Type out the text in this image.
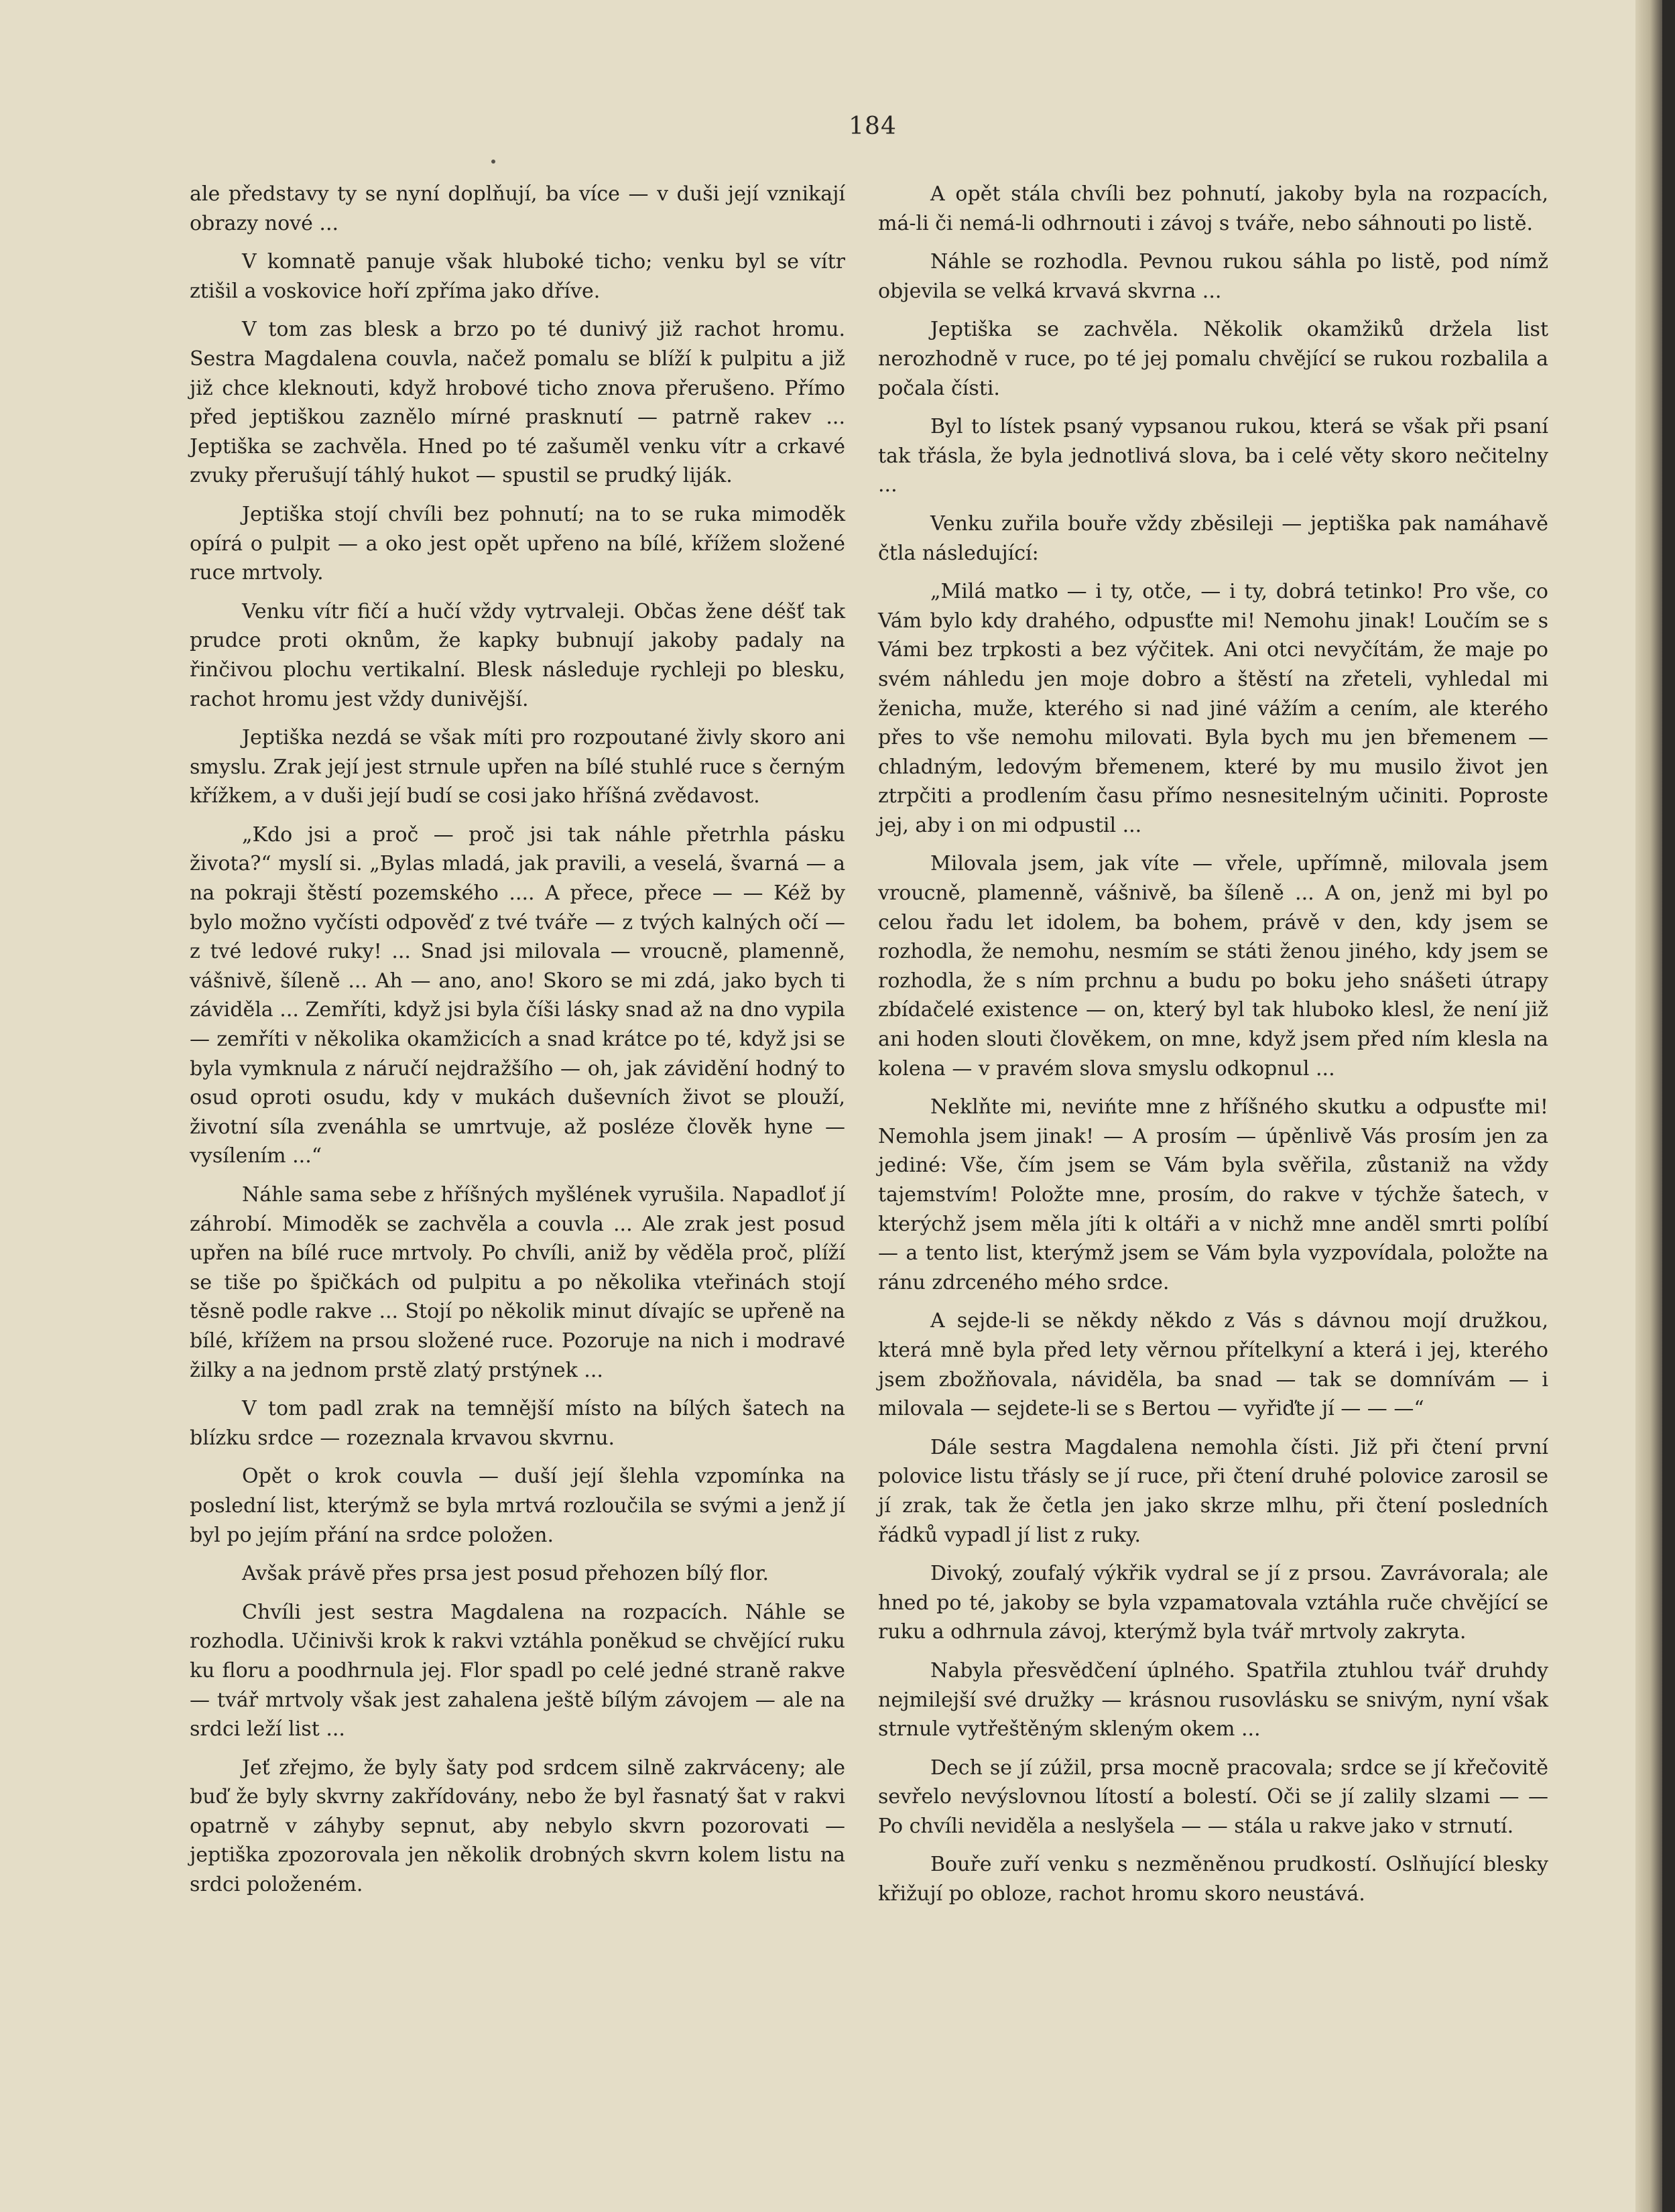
184

ale představy ty se nyní doplňují, ba více — v duši její vznikají obrazy nové ...

V komnatě panuje však hluboké ticho; venku byl se vítr ztišil a voskovice hoří zpříma jako dříve.

V tom zas blesk a brzo po té dunivý již rachot hromu. Sestra Magdalena couvla, načež pomalu se blíží k pulpitu a již již chce kleknouti, když hrobové ticho znova přerušeno. Přímo před jeptiškou zaznělo mírné prasknutí — patrně rakev ... Jeptiška se zachvěla. Hned po té zašuměl venku vítr a crkavé zvuky přerušují táhlý hukot — spustil se prudký liják.

Jeptiška stojí chvíli bez pohnutí; na to se ruka mimoděk opírá o pulpit — a oko jest opět upřeno na bílé, křížem složené ruce mrtvoly.

Venku vítr fičí a hučí vždy vytrvaleji. Občas žene déšť tak prudce proti oknům, že kapky bubnují jakoby padaly na řinčivou plochu vertikalní. Blesk následuje rychleji po blesku, rachot hromu jest vždy dunivější.

Jeptiška nezdá se však míti pro rozpoutané živly skoro ani smyslu. Zrak její jest strnule upřen na bílé stuhlé ruce s černým křížkem, a v duši její budí se cosi jako hříšná zvědavost.

„Kdo jsi a proč — proč jsi tak náhle přetrhla pásku života?“ myslí si. „Bylas mladá, jak pravili, a veselá, švarná — a na pokraji štěstí pozemského .... A přece, přece — — Kéž by bylo možno vyčísti odpověď z tvé tváře — z tvých kalných očí — z tvé ledové ruky! ... Snad jsi milovala — vroucně, plamenně, vášnivě, šíleně ... Ah — ano, ano! Skoro se mi zdá, jako bych ti záviděla ... Zemříti, když jsi byla číši lásky snad až na dno vypila — zemříti v několika okamžicích a snad krátce po té, když jsi se byla vymknula z náručí nejdražšího — oh, jak závidění hodný to osud oproti osudu, kdy v mukách duševních život se plouží, životní síla zvenáhla se umrtvuje, až posléze člověk hyne — vysílením ...“

Náhle sama sebe z hříšných myšlének vyrušila. Napadloť jí záhrobí. Mimoděk se zachvěla a couvla ... Ale zrak jest posud upřen na bílé ruce mrtvoly. Po chvíli, aniž by věděla proč, plíží se tiše po špičkách od pulpitu a po několika vteřinách stojí těsně podle rakve ... Stojí po několik minut dívajíc se upřeně na bílé, křížem na prsou složené ruce. Pozoruje na nich i modravé žilky a na jednom prstě zlatý prstýnek ...

V tom padl zrak na temnější místo na bílých šatech na blízku srdce — rozeznala krvavou skvrnu.

Opět o krok couvla — duší její šlehla vzpomínka na poslední list, kterýmž se byla mrtvá rozloučila se svými a jenž jí byl po jejím přání na srdce položen.

Avšak právě přes prsa jest posud přehozen bílý flor.

Chvíli jest sestra Magdalena na rozpacích. Náhle se rozhodla. Učinivši krok k rakvi vztáhla poněkud se chvějící ruku ku floru a poodhrnula jej. Flor spadl po celé jedné straně rakve — tvář mrtvoly však jest zahalena ještě bílým závojem — ale na srdci leží list ...

Jeť zřejmo, že byly šaty pod srdcem silně zakrváceny; ale buď že byly skvrny zakřídovány, nebo že byl řasnatý šat v rakvi opatrně v záhyby sepnut, aby nebylo skvrn pozorovati — jeptiška zpozorovala jen několik drobných skvrn kolem listu na srdci položeném.

A opět stála chvíli bez pohnutí, jakoby byla na rozpacích, má-li či nemá-li odhrnouti i závoj s tváře, nebo sáhnouti po listě.

Náhle se rozhodla. Pevnou rukou sáhla po listě, pod nímž objevila se velká krvavá skvrna ...

Jeptiška se zachvěla. Několik okamžiků držela list nerozhodně v ruce, po té jej pomalu chvějící se rukou rozbalila a počala čísti.

Byl to lístek psaný vypsanou rukou, která se však při psaní tak třásla, že byla jednotlivá slova, ba i celé věty skoro nečitelny ...

Venku zuřila bouře vždy zběsileji — jeptiška pak namáhavě čtla následující:

„Milá matko — i ty, otče, — i ty, dobrá tetinko! Pro vše, co Vám bylo kdy drahého, odpusťte mi! Nemohu jinak! Loučím se s Vámi bez trpkosti a bez výčitek. Ani otci nevyčítám, že maje po svém náhledu jen moje dobro a štěstí na zřeteli, vyhledal mi ženicha, muže, kterého si nad jiné vážím a cením, ale kterého přes to vše nemohu milovati. Byla bych mu jen břemenem — chladným, ledovým břemenem, které by mu musilo život jen ztrpčiti a prodlením času přímo nesnesitelným učiniti. Poproste jej, aby i on mi odpustil ...

Milovala jsem, jak víte — vřele, upřímně, milovala jsem vroucně, plamenně, vášnivě, ba šíleně ... A on, jenž mi byl po celou řadu let idolem, ba bohem, právě v den, kdy jsem se rozhodla, že nemohu, nesmím se státi ženou jiného, kdy jsem se rozhodla, že s ním prchnu a budu po boku jeho snášeti útrapy zbídačelé existence — on, který byl tak hluboko klesl, že není již ani hoden slouti člověkem, on mne, když jsem před ním klesla na kolena — v pravém slova smyslu odkopnul ...

Neklňte mi, nevińte mne z hříšného skutku a odpusťte mi! Nemohla jsem jinak! — A prosím — úpěnlivě Vás prosím jen za jediné: Vše, čím jsem se Vám byla svěřila, zůstaniž na vždy tajemstvím! Položte mne, prosím, do rakve v týchže šatech, v kterýchž jsem měla jíti k oltáři a v nichž mne anděl smrti políbí — a tento list, kterýmž jsem se Vám byla vyzpovídala, položte na ránu zdrceného mého srdce.

A sejde-li se někdy někdo z Vás s dávnou mojí družkou, která mně byla před lety věrnou přítelkyní a která i jej, kterého jsem zbožňovala, náviděla, ba snad — tak se domnívám — i milovala — sejdete-li se s Bertou — vyřiďte jí — — —“

Dále sestra Magdalena nemohla čísti. Již při čtení první polovice listu třásly se jí ruce, při čtení druhé polovice zarosil se jí zrak, tak že četla jen jako skrze mlhu, při čtení posledních řádků vypadl jí list z ruky.

Divoký, zoufalý výkřik vydral se jí z prsou. Zavrávorala; ale hned po té, jakoby se byla vzpamatovala vztáhla ruče chvějící se ruku a odhrnula závoj, kterýmž byla tvář mrtvoly zakryta.

Nabyla přesvědčení úplného. Spatřila ztuhlou tvář druhdy nejmilejší své družky — krásnou rusovlásku se snivým, nyní však strnule vytřeštěným skleným okem ...

Dech se jí zúžil, prsa mocně pracovala; srdce se jí křečovitě sevřelo nevýslovnou lítostí a bolestí. Oči se jí zalily slzami — — Po chvíli neviděla a neslyšela — — stála u rakve jako v strnutí.

Bouře zuří venku s nezměněnou prudkostí. Oslňující blesky křižují po obloze, rachot hromu skoro neustává.
